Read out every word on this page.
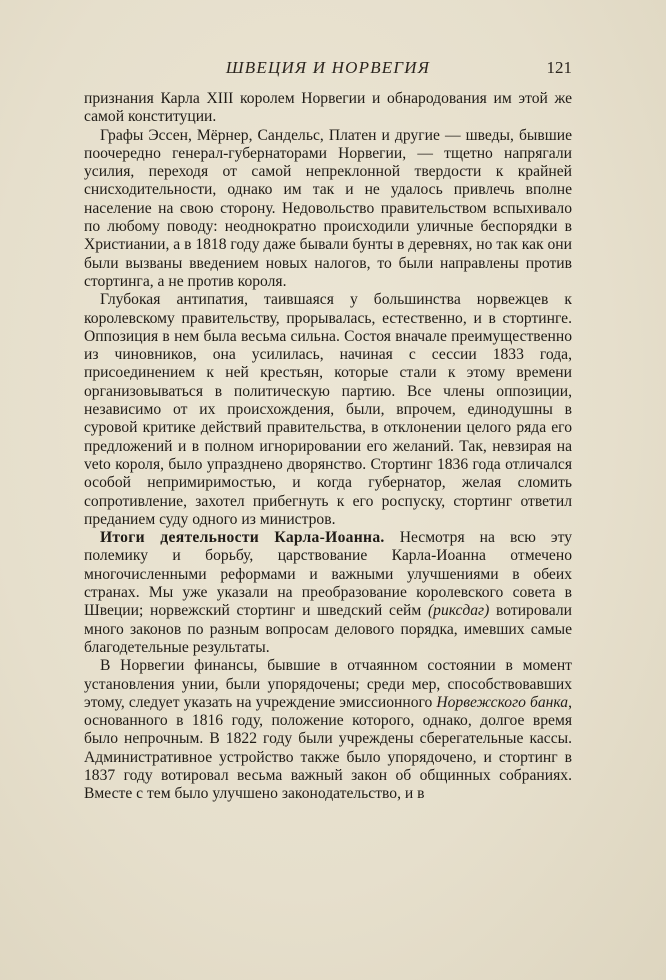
ШВЕЦИЯ И НОРВЕГИЯ	121

признания Карла XIII королем Норвегии и обнародования им этой же самой конституции.

Графы Эссен, Мёрнер, Сандельс, Платен и другие — шведы, бывшие поочередно генерал-губернаторами Норвегии, — тщетно напрягали усилия, переходя от самой непреклонной твердости к крайней снисходительности, однако им так и не удалось привлечь вполне население на свою сторону. Недовольство правительством вспыхивало по любому поводу: неоднократно происходили уличные беспорядки в Христиании, а в 1818 году даже бывали бунты в деревнях, но так как они были вызваны введением новых налогов, то были направлены против стортинга, а не против короля.

Глубокая антипатия, таившаяся у большинства норвежцев к королевскому правительству, прорывалась, естественно, и в стортинге. Оппозиция в нем была весьма сильна. Состоя вначале преимущественно из чиновников, она усилилась, начиная с сессии 1833 года, присоединением к ней крестьян, которые стали к этому времени организовываться в политическую партию. Все члены оппозиции, независимо от их происхождения, были, впрочем, единодушны в суровой критике действий правительства, в отклонении целого ряда его предложений и в полном игнорировании его желаний. Так, невзирая на veto короля, было упразднено дворянство. Стортинг 1836 года отличался особой непримиримостью, и когда губернатор, желая сломить сопротивление, захотел прибегнуть к его роспуску, стортинг ответил преданием суду одного из министров.

Итоги деятельности Карла-Иоанна. Несмотря на всю эту полемику и борьбу, царствование Карла-Иоанна отмечено многочисленными реформами и важными улучшениями в обеих странах. Мы уже указали на преобразование королевского совета в Швеции; норвежский стортинг и шведский сейм (риксдаг) вотировали много законов по разным вопросам делового порядка, имевших самые благодетельные результаты.

В Норвегии финансы, бывшие в отчаянном состоянии в момент установления унии, были упорядочены; среди мер, способствовавших этому, следует указать на учреждение эмиссионного Норвежского банка, основанного в 1816 году, положение которого, однако, долгое время было непрочным. В 1822 году были учреждены сберегательные кассы. Административное устройство также было упорядочено, и стортинг в 1837 году вотировал весьма важный закон об общинных собраниях. Вместе с тем было улучшено законодательство, и в
